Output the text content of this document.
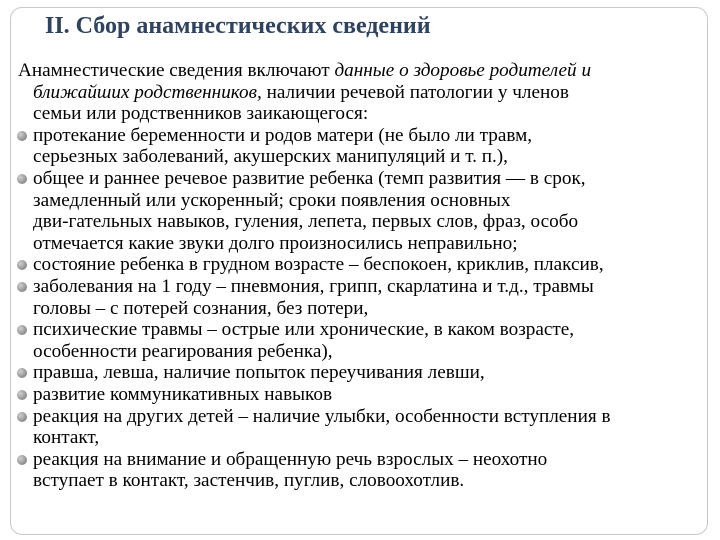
II. Сбор анамнестических сведений

Анамнестические сведения включают данные о здоровье родителей и
ближайших родственников, наличии речевой патологии у членов
семьи или родственников заикающегося:

протекание беременности и родов матери (не было ли травм,
серьезных заболеваний, акушерских манипуляций и т. п.),
общее и раннее речевое развитие ребенка (темп развития — в срок,
замедленный или ускоренный; сроки появления основных
дви-гательных навыков, гуления, лепета, первых слов, фраз, особо
отмечается какие звуки долго произносились неправильно;
состояние ребенка в грудном возрасте – беспокоен, криклив, плаксив,
заболевания на 1 году – пневмония, грипп, скарлатина и т.д., травмы
головы – с потерей сознания, без потери,
психические травмы – острые или хронические, в каком возрасте,
особенности реагирования ребенка),
правша, левша, наличие попыток переучивания левши,
развитие коммуникативных навыков
реакция на других детей – наличие улыбки, особенности вступления в
контакт,
реакция на внимание и обращенную речь взрослых – неохотно
вступает в контакт, застенчив, пуглив, словоохотлив.
